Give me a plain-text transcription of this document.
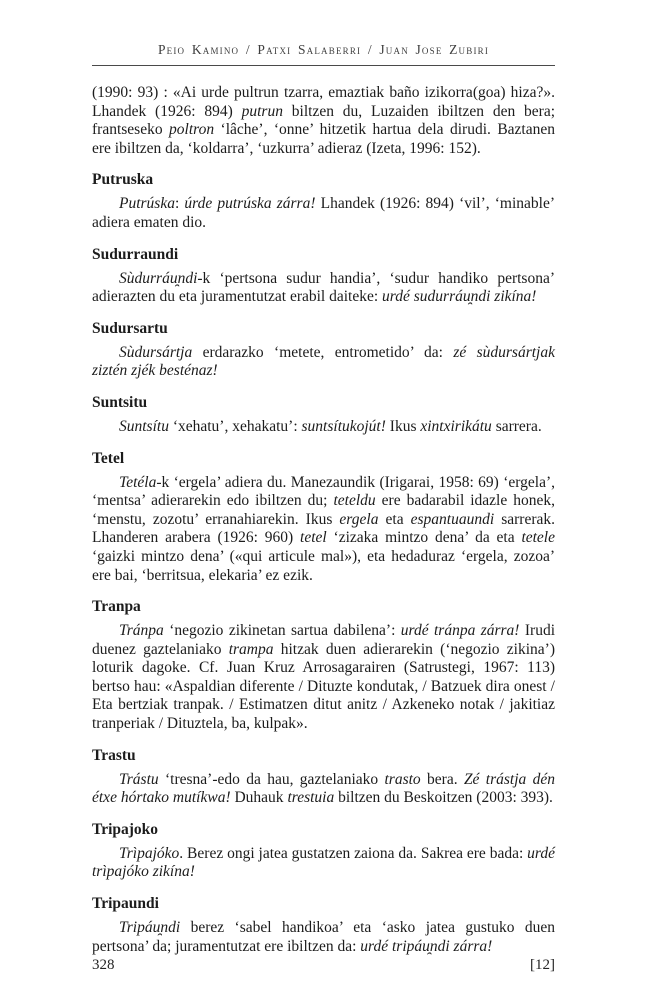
Peio Kamino / Patxi Salaberri / Juan Jose Zubiri

(1990: 93) : «Ai urde pultrun tzarra, emaztiak baño izikorra(goa) hiza?». Lhandek (1926: 894) putrun biltzen du, Luzaiden ibiltzen den bera; frantseseko poltron ‘lâche’, ‘onne’ hitzetik hartua dela dirudi. Baztanen ere ibiltzen da, ‘koldarra’, ‘uzkurra’ adieraz (Izeta, 1996: 152).

Putruska

Putrúska: úrde putrúska zárra! Lhandek (1926: 894) ‘vil’, ‘minable’ adiera ematen dio.

Sudurraundi

Sùdurráu̯ndi-k ‘pertsona sudur handia’, ‘sudur handiko pertsona’ adierazten du eta juramentutzat erabil daiteke: urdé sudurráu̯ndi zikína!

Sudursartu

Sùdursártja erdarazko ‘metete, entrometido’ da: zé sùdursártjak ziztén zjék besténaz!

Suntsitu

Suntsítu ‘xehatu’, xehakatu’: suntsítukojút! Ikus xintxirikátu sarrera.

Tetel

Tetéla-k ‘ergela’ adiera du. Manezaundik (Irigarai, 1958: 69) ‘ergela’, ‘mentsa’ adierarekin edo ibiltzen du; teteldu ere badarabil idazle honek, ‘menstu, zozotu’ erranahiarekin. Ikus ergela eta espantuaundi sarrerak. Lhanderen arabera (1926: 960) tetel ‘zizaka mintzo dena’ da eta tetele ‘gaizki mintzo dena’ («qui articule mal»), eta hedaduraz ‘ergela, zozoa’ ere bai, ‘berritsua, elekaria’ ez ezik.

Tranpa

Tránpa ‘negozio zikinetan sartua dabilena’: urdé tránpa zárra! Irudi duenez gaztelaniako trampa hitzak duen adierarekin (‘negozio zikina’) loturik dagoke. Cf. Juan Kruz Arrosagarairen (Satrustegi, 1967: 113) bertso hau: «Aspaldian diferente / Dituzte kondutak, / Batzuek dira onest / Eta bertziak tranpak. / Estimatzen ditut anitz / Azkeneko notak / jakitiaz tranperiak / Dituztela, ba, kulpak».

Trastu

Trástu ‘tresna’-edo da hau, gaztelaniako trasto bera. Zé trástja dén étxe hórtako mutíkwa! Duhauk trestuia biltzen du Beskoitzen (2003: 393).

Tripajoko

Trìpajóko. Berez ongi jatea gustatzen zaiona da. Sakrea ere bada: urdé trìpajóko zikína!

Tripaundi

Tripáu̯ndi berez ‘sabel handikoa’ eta ‘asko jatea gustuko duen pertsona’ da; juramentutzat ere ibiltzen da: urdé tripáu̯ndi zárra!

328	[12]
